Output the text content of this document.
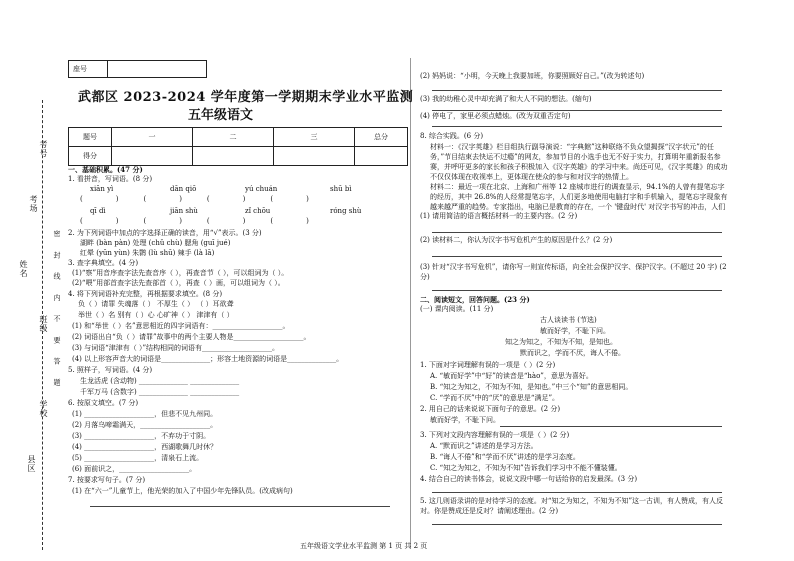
考号
考场
姓名
班级
学校
县区
密 封 线 内 不 要 答 题
座号	
武都区 2023-2024 学年度第一学期期末学业水平监测
五年级语文
题号	一	二	三	总分
得分				
一、基础积累。(47 分)
1. 看拼音，写词语。(8 分)
xiān yì	dān qiō	yú chuán	shū bì
(　　　　)　　　(　　　　)　　　(　　　　)　　　(　　　　)
qī dì	jiān shù	zǐ chōu	róng shù
(　　　　)　　　(　　　　)　　　(　　　　)　　　(　　　　)
2. 为下列词语中加点的字选择正确的读音，用“√”表示。(3 分)
湖畔 (bàn pàn) 处理 (chǔ chù) 腮角 (guī jué)
红晕 (yūn yùn) 朱鹮 (lù shū) 辣手 (là lā)
3. 查字典填空。(4 分)
(1)“察”用音序查字法先查音序（ ），再查音节（ ），可以组词为（ ）。
(2)“喂”用部首查字法先查部首（ ），再查（ ）画，可以组词为（ ）。
4. 将下列词语补充完整，再根据要求填空。(8 分)
负（ ）请罪 失魂落（ ） 不厚生（ ） （ ）耳欲聋
举世（ ）名 别有（ ）心 心旷神（ ） 津津有（ ）
(1) 和“举世（ ）名”意思相近的四字词语有：____________________。
(2) 词语出自“负（ ）请罪”故事中的两个主要人物是____________________。
(3) 与词语“津津有（ ）”结构相同的词语有____________________。
(4) 以上形容声音大的词语是______________；形容土地资源的词语是______________。
5. 照样子，写词语。(4 分)
生龙活虎 (含动物) ______________ ______________
千军万马 (含数字) ______________ ______________
6. 按原文填空。(7 分)
(1) ____________________，但悲不见九州同。
(2) 月落乌啼霜满天，____________________。
(3) ____________________，不弃功于寸阴。
(4) ____________________，西湖歌舞几时休？
(5) ____________________，清泉石上流。
(6) 面前识之，____________________。
7. 按要求写句子。(7 分)
(1) 在“六一”儿童节上，他光荣的加入了中国少年先锋队员。(改成病句)
(2) 妈妈说：“小明，今天晚上我要加班，你要照顾好自己。”(改为转述句)
(3) 我的幼稚心灵中却充满了和大人不同的想法。(缩句)
(4) 停电了，家里必须点蜡烛。(改为双重否定句)
8. 综合实践。(6 分)
材料一：《汉字英雄》栏目组执行副导演说：“字典館”这种联络不负众望揭探“汉字状元”的任务，”节目结束去快运不过瘾”的网友，参加节目的小选手也无不好于实力，打算明年重新报名参赛，并呼吁更多的家长和孩子积极加入《汉字英雄》的学习中来。尚还可见，《汉字英雄》的成功不仅仅体现在收视率上，更体现在使众的参与和对汉字的热情上。
材料二：最近一项在北京、上海和广州等 12 座城市进行的调查显示，94.1%的人曾有提笔忘字的经历，其中 26.8%的人经常提笔忘字，人们更多地使用电脑打字和手机输入，提笔忘字现象有越来越严重的趋势。专家指出，电脑已是教育的存在，一个 '键盘时代' 对汉字书写的冲击，人们
(1) 请用简洁的语言概括材料一的主要内容。(2 分)
(2) 读材料二，你认为汉字书写危机产生的原因是什么？(2 分)
(3) 针对“汉字书写危机”，请你写一则宣传标语，向全社会保护汉字、保护汉字。(不超过 20 字) (2 分)
二、阅读短文，回答问题。(23 分)
(一) 课内阅读。(11 分)
古人谈读书 (节选)
敏而好学，不耻下问。
知之为知之，不知为不知，是知也。
默而识之，学而不厌，诲人不倦。
1. 下面对字词理解有误的一项是（ ）(2 分)
A. “敏而好学”中“好”的读音是“hào”，意思为喜好。
B. “知之为知之，不知为不知，是知也。”中三个“知”的意思相同。
C. “学而不厌”中的“厌”的意思是“满足”。
2. 用自己的话来说说下面句子的意思。(2 分)
敏而好学，不耻下问。
3. 下列对文段内容理解有误的一项是（ ）(2 分)
A. “默而识之”讲述的是学习方法。
B. “诲人不倦”和“学而不厌”讲述的是学习态度。
C. “知之为知之，不知为不知”告诉我们学习中不能不懂装懂。
4. 结合自己的读书体会，说说文段中哪一句话给你的启发最深。(3 分)
5. 这几则语录讲的是对待学习的态度。对“知之为知之，不知为不知”这一古训，有人赞成，有人反对。你是赞成还是反对？请阐述理由。(2 分)
五年级语文学业水平监测 第 1 页 共 2 页
